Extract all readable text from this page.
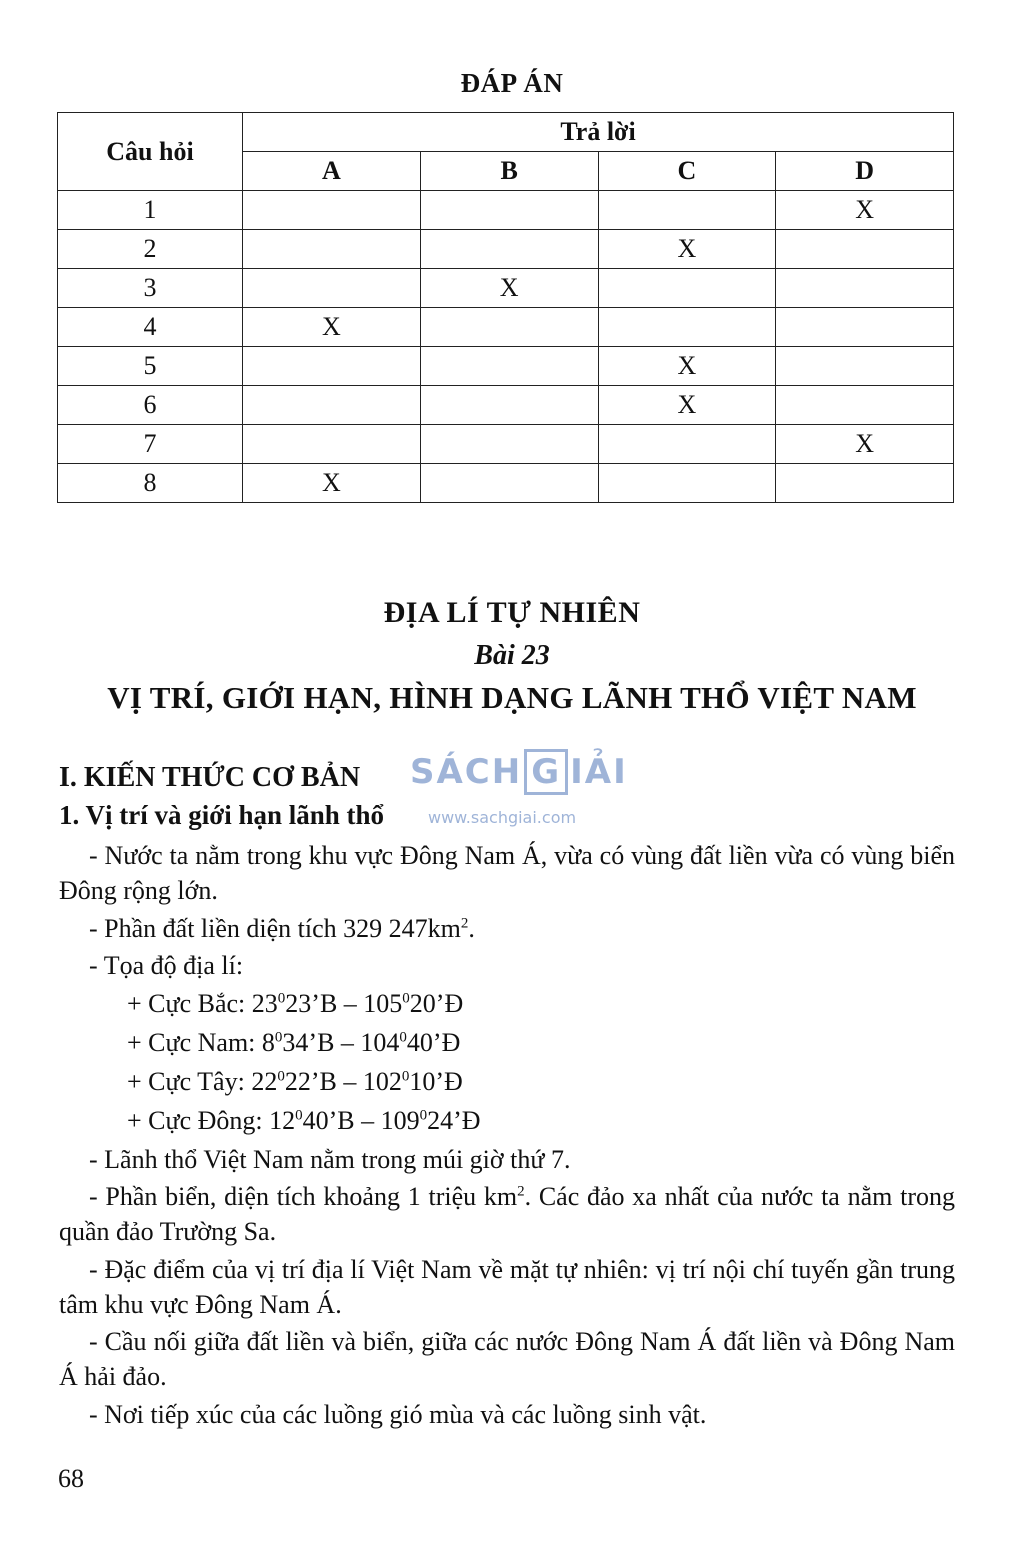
ĐÁP ÁN
Câu hỏi	Trả lời			
	A	B	C	D
1				X
2			X	
3		X		
4	X			
5			X	
6			X	
7				X
8	X			
ĐỊA LÍ TỰ NHIÊN
Bài 23
VỊ TRÍ, GIỚI HẠN, HÌNH DẠNG LÃNH THỔ VIỆT NAM
I. KIẾN THỨC CƠ BẢN
1. Vị trí và giới hạn lãnh thổ
SÁCH G IẢI
www.sachgiai.com

- Nước ta nằm trong khu vực Đông Nam Á, vừa có vùng đất liền vừa có vùng biển Đông rộng lớn.

- Phần đất liền diện tích 329 $247km^2$.

- Tọa độ địa lí:

+ Cực Bắc: $23^023’B$ – $105^020’Đ$

+ Cực Nam: $8^034’B$ – $104^040’Đ$

+ Cực Tây: $22^022’B$ – $102^010’Đ$

+ Cực Đông: $12^040’B$ – $109^024’Đ$

- Lãnh thổ Việt Nam nằm trong múi giờ thứ 7.

- Phần biển, diện tích khoảng 1 triệu $km^2$. Các đảo xa nhất của nước ta nằm trong quần đảo Trường Sa.

- Đặc điểm của vị trí địa lí Việt Nam về mặt tự nhiên: vị trí nội chí tuyến gần trung tâm khu vực Đông Nam Á.

- Cầu nối giữa đất liền và biển, giữa các nước Đông Nam Á đất liền và Đông Nam Á hải đảo.

- Nơi tiếp xúc của các luồng gió mùa và các luồng sinh vật.

68
